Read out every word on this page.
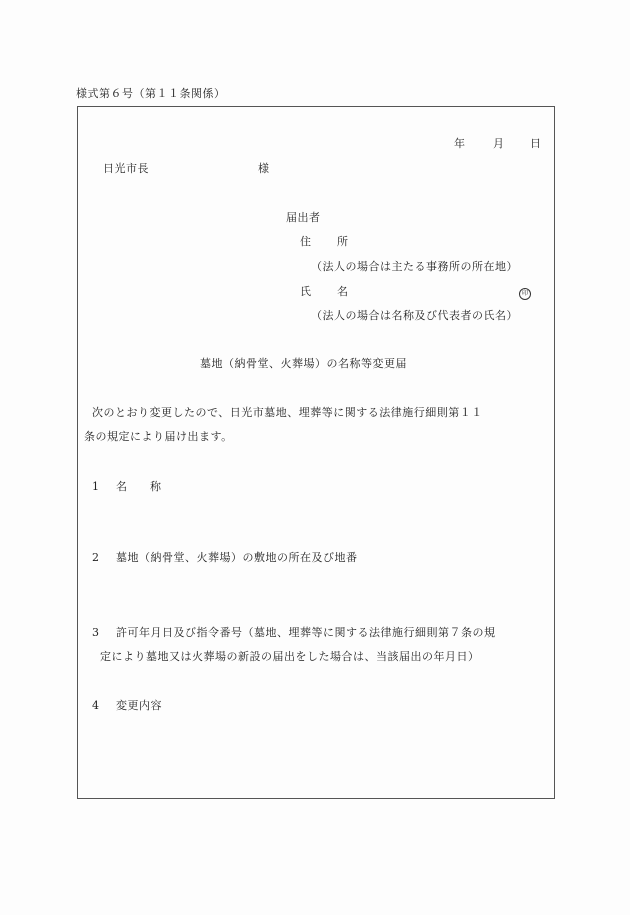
様式第６号（第１１条関係）
年	月 日
日光市長	様
届出者
住 所
（法人の場合は主たる事務所の所在地）
氏 名	印
（法人の場合は名称及び代表者の氏名）
墓地（納骨堂、火葬場）の名称等変更届
次のとおり変更したので、日光市墓地、埋葬等に関する法律施行細則第１１
条の規定により届け出ます。
1 名 称
2 墓地（納骨堂、火葬場）の敷地の所在及び地番
3 許可年月日及び指令番号（墓地、埋葬等に関する法律施行細則第７条の規
定により墓地又は火葬場の新設の届出をした場合は、当該届出の年月日）
4 変更内容
